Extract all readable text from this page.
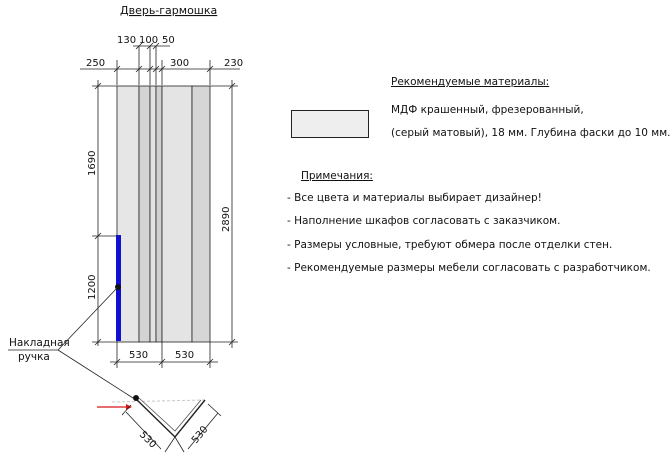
Дверь-гармошка
250
130 100 50
300	230
1690
1200
2890
530	530
Накладная
ручка
530	530
Рекомендуемые материалы:
МДФ крашенный, фрезерованный,
(серый матовый), 18 мм. Глубина фаски до 10 мм.
Примечания:
- Все цвета и материалы выбирает дизайнер!
- Наполнение шкафов согласовать с заказчиком.
- Размеры условные, требуют обмера после отделки стен.
- Рекомендуемые размеры мебели согласовать с разработчиком.
